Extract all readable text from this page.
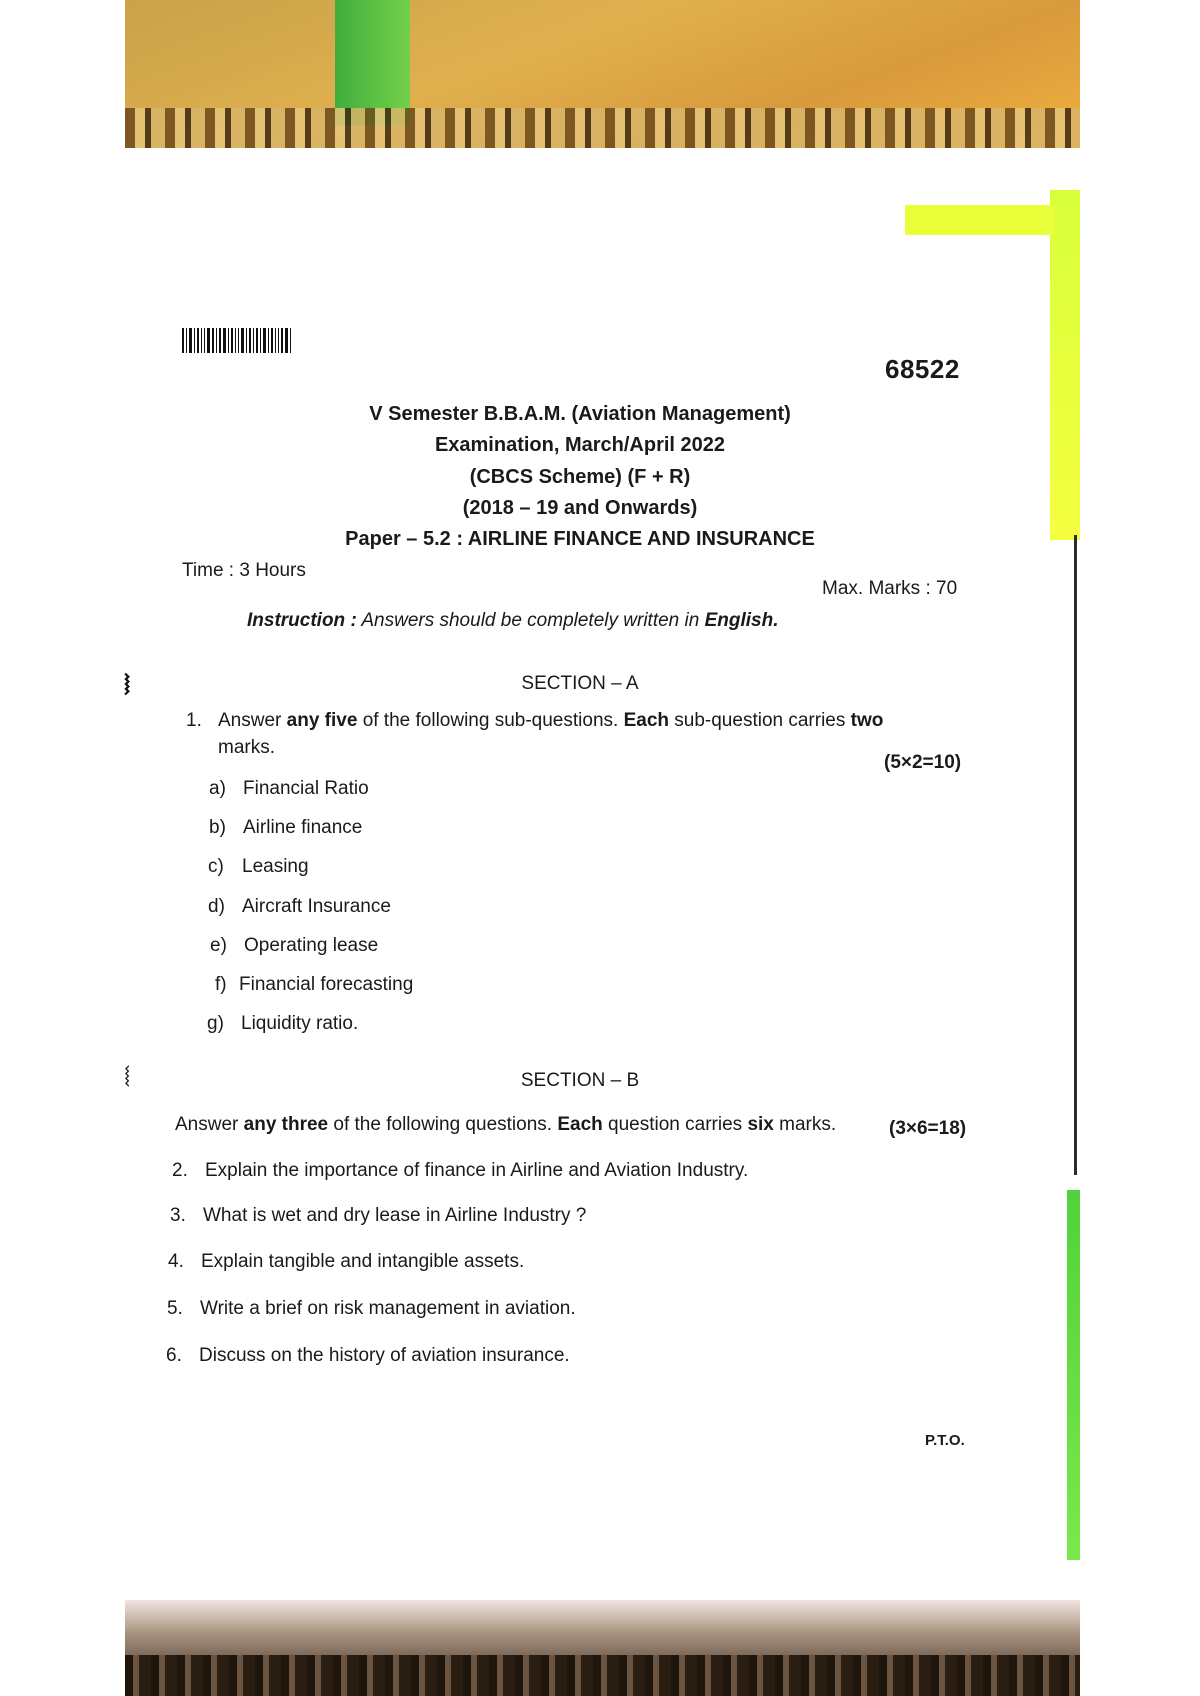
⧘
⧙
68522
V Semester B.B.A.M. (Aviation Management)
Examination, March/April 2022
(CBCS Scheme) (F + R)
(2018 – 19 and Onwards)
Paper – 5.2 : AIRLINE FINANCE AND INSURANCE
Time : 3 Hours
Max. Marks : 70
Instruction : Answers should be completely written in English.
SECTION – A
1. Answer any five of the following sub-questions. Each sub-question carries two
marks.
(5×2=10)
a) Financial Ratio
b) Airline finance
c) Leasing
d) Aircraft Insurance
e) Operating lease
f) Financial forecasting
g) Liquidity ratio.
SECTION – B
Answer any three of the following questions. Each question carries six marks.	(3×6=18)
2. Explain the importance of finance in Airline and Aviation Industry.
3. What is wet and dry lease in Airline Industry ?
4. Explain tangible and intangible assets.
5. Write a brief on risk management in aviation.
6. Discuss on the history of aviation insurance.
P.T.O.
